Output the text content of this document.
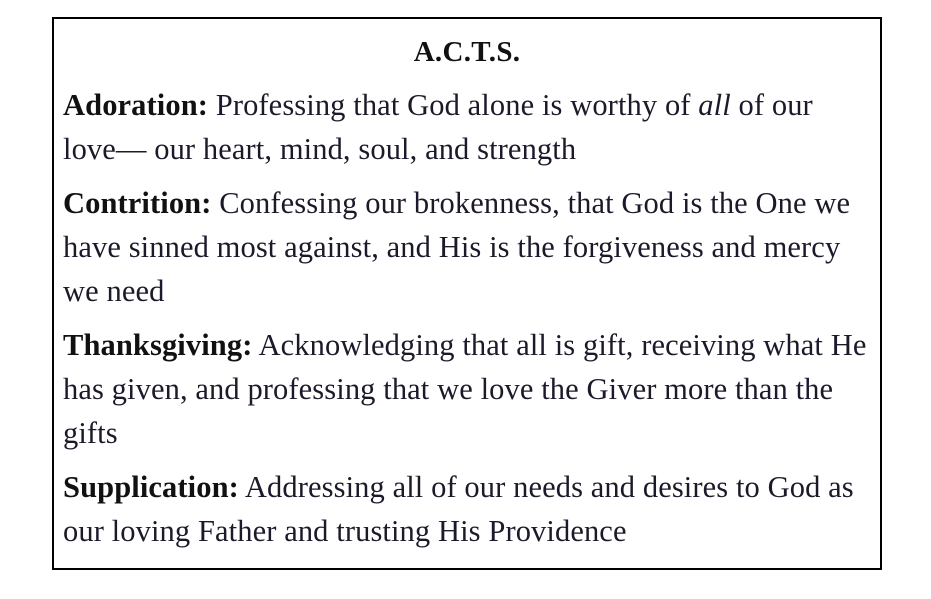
A.C.T.S.
Adoration: Professing that God alone is worthy of all of our love— our heart, mind, soul, and strength
Contrition: Confessing our brokenness, that God is the One we have sinned most against, and His is the forgiveness and mercy we need
Thanksgiving: Acknowledging that all is gift, receiving what He has given, and professing that we love the Giver more than the gifts
Supplication: Addressing all of our needs and desires to God as our loving Father and trusting His Providence
